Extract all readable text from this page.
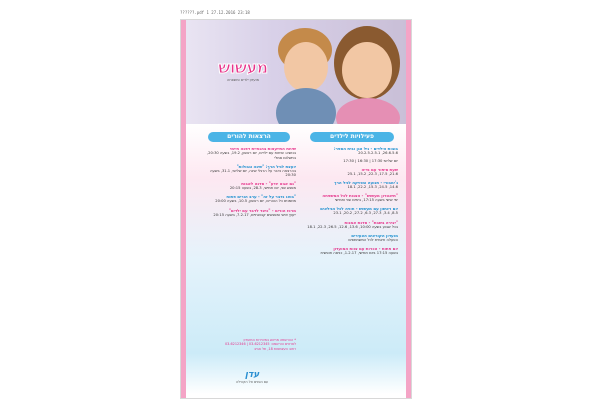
??????.pdf 1 27.12.2016 23:18
מעשוש
מועדון ילדים ומשפחה
פעילויות לילדים
הרצאות להורים
בובות הילדים - גיל הגן ובית הספר:
26.6.5.6, 20.2.5.2.5.1
יום שלישי 17:30 | 16:30 | 17:30
שעת סיפור עם נדיה
21.6, 17.5, 22.3, 15.2, 25.1
ג'ימבורי - תנועה ומוזיקה לגיל הרך
14.6, 24.5, 15.3, 22.2, 18.1
"תיאטרון מעשוש" - הצגות לכל המשפחה
ימי שישי בשעה 17:15, בימים שני וחמישי
יום ראשון עם מעשוש - חוויה לכל הגילאים
8.5, 3.4, 27.3, 6.3, 27.2, 20.2, 23.1
"יצירה בשבת" - סדנת אמנות
בכל שבוע בשעה 10:00, 13.6, 12.6, 26.5, 22.3, 18.1
מועדון הקוראים הצעירים
הפעלה חינמית לכל המשתתפים
יום פתוח - הכרות עם צוות המועדון
בשעה 17:15 ביום חמישי, 1.2.17, כניסה חופשית
שיחת התייעצות בהנחיית דפנה חיימי
בנושא: שיחות עם ילדים, יום ראשון, 19.2, בשעה 20:30, בתשלום סמלי
יועצת לגיל הרך: "שינה וגבולות"
בהרצאה נדבר על הרגלי שינה, יום שלישי, 31.1, בשעה 20:30
"גם אבא יודע" - סדנה לאבות
מפגש שני, יום חמישי, 28.3, בשעה 20:15
"בואו נדבר על זה" - ערב הורים פתוח
מוזמנים כל ההורים, יום ראשון, 10.5, בשעה 20:00
מרכז הורים - "כיצד לדבר עם ילדים"
ייעוץ אישי ומפגשים קבוצתיים, 7.2.17, בשעה 20:15
* ההרשמה מראש במזכירות המועדון
לפרטים והרשמה: 03-6212345 | 03-6212346
רחוב העצמאות 18, תל אביב
עדן
עם הפנים אל הקהילה
